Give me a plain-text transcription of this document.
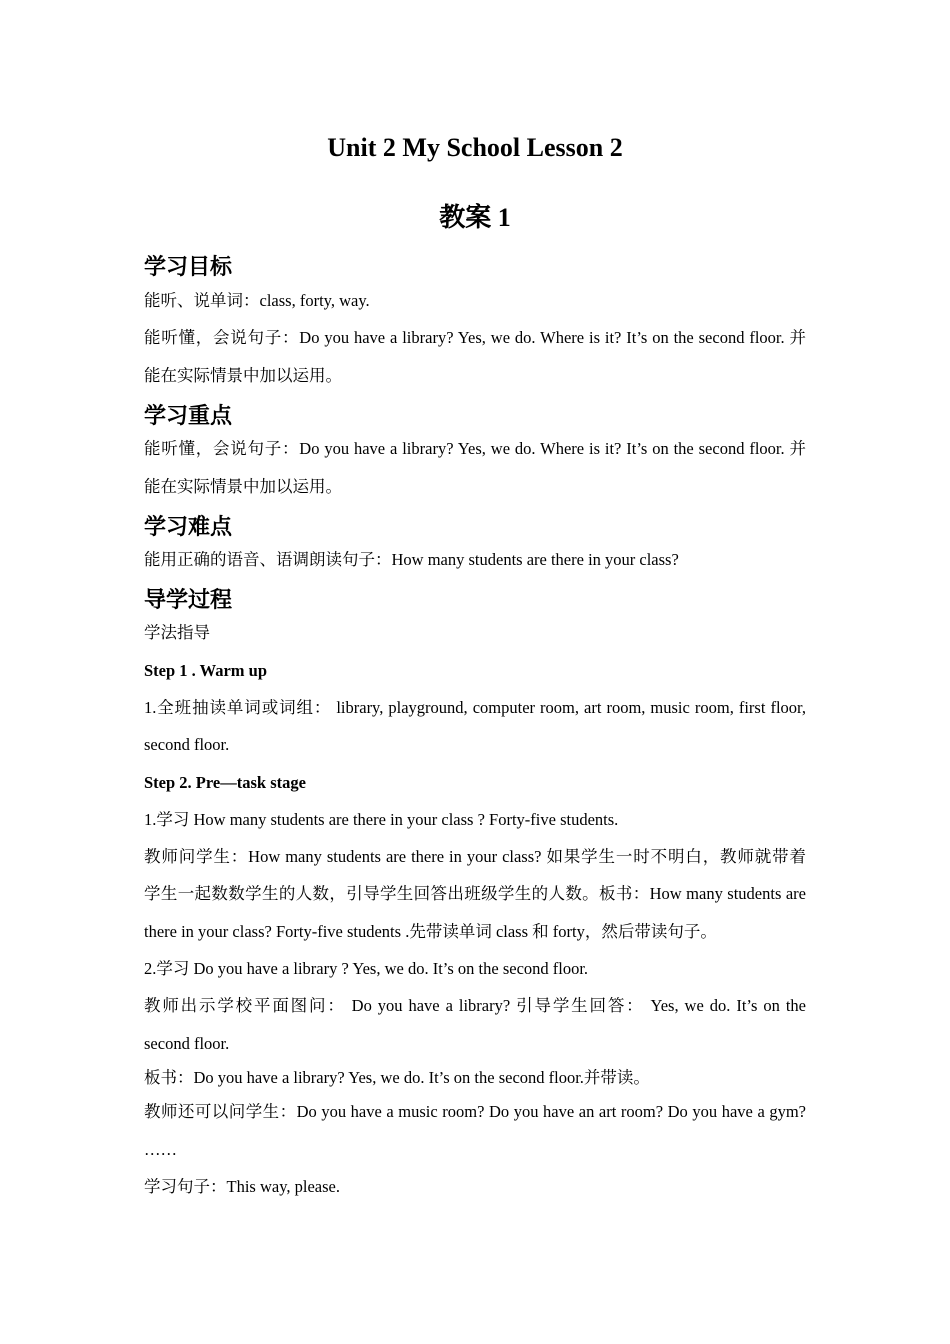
Unit 2 My School Lesson 2
教案 1
学习目标

能听、说单词：class, forty, way.

能听懂，会说句子：Do you have a library? Yes, we do. Where is it? It’s on the second floor. 并

能在实际情景中加以运用。

学习重点

能听懂，会说句子：Do you have a library? Yes, we do. Where is it? It’s on the second floor. 并

能在实际情景中加以运用。

学习难点

能用正确的语音、语调朗读句子：How many students are there in your class?

导学过程

学法指导

Step 1 . Warm up

1.全班抽读单词或词组： library, playground, computer room, art room, music room, first floor,

second floor.

Step 2. Pre—task stage

1.学习 How many students are there in your class ? Forty-five students.

教师问学生：How many students are there in your class? 如果学生一时不明白，教师就带着

学生一起数数学生的人数，引导学生回答出班级学生的人数。板书：How many students are

there in your class? Forty-five students .先带读单词 class 和 forty，然后带读句子。

2.学习 Do you have a library ? Yes, we do. It’s on the second floor.

教师出示学校平面图问： Do you have a library? 引导学生回答： Yes, we do. It’s on the

second floor.

板书：Do you have a library? Yes, we do. It’s on the second floor.并带读。

教师还可以问学生：Do you have a music room? Do you have an art room? Do you have a gym?

……

学习句子：This way, please.
